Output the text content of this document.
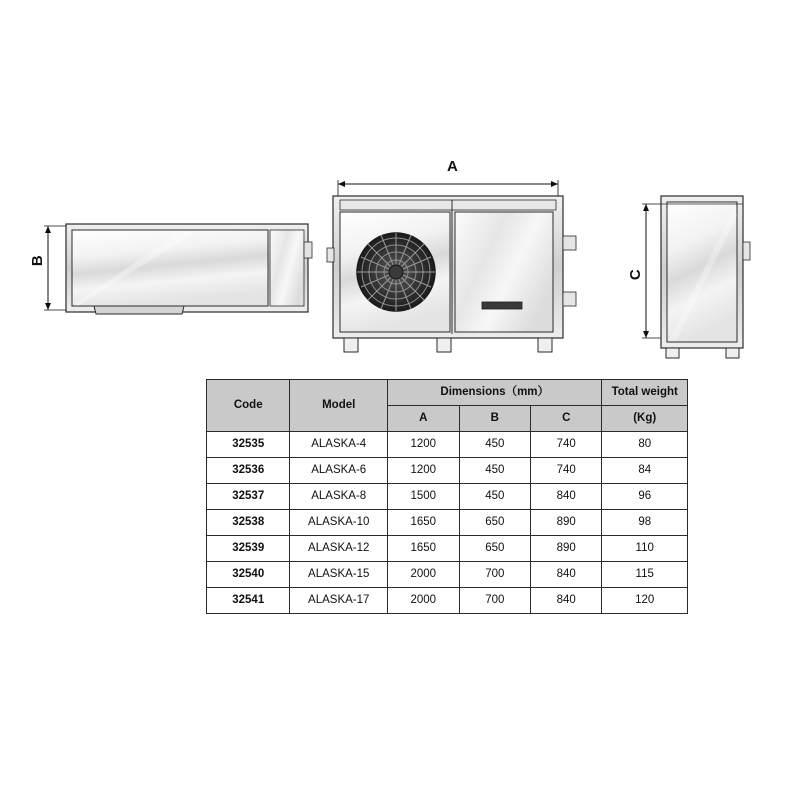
A
B
C
Code	Model	Dimensions（mm）			Total weight
		A	B	C	(Kg)
32535	ALASKA-4	1200	450	740	80
32536	ALASKA-6	1200	450	740	84
32537	ALASKA-8	1500	450	840	96
32538	ALASKA-10	1650	650	890	98
32539	ALASKA-12	1650	650	890	110
32540	ALASKA-15	2000	700	840	115
32541	ALASKA-17	2000	700	840	120
